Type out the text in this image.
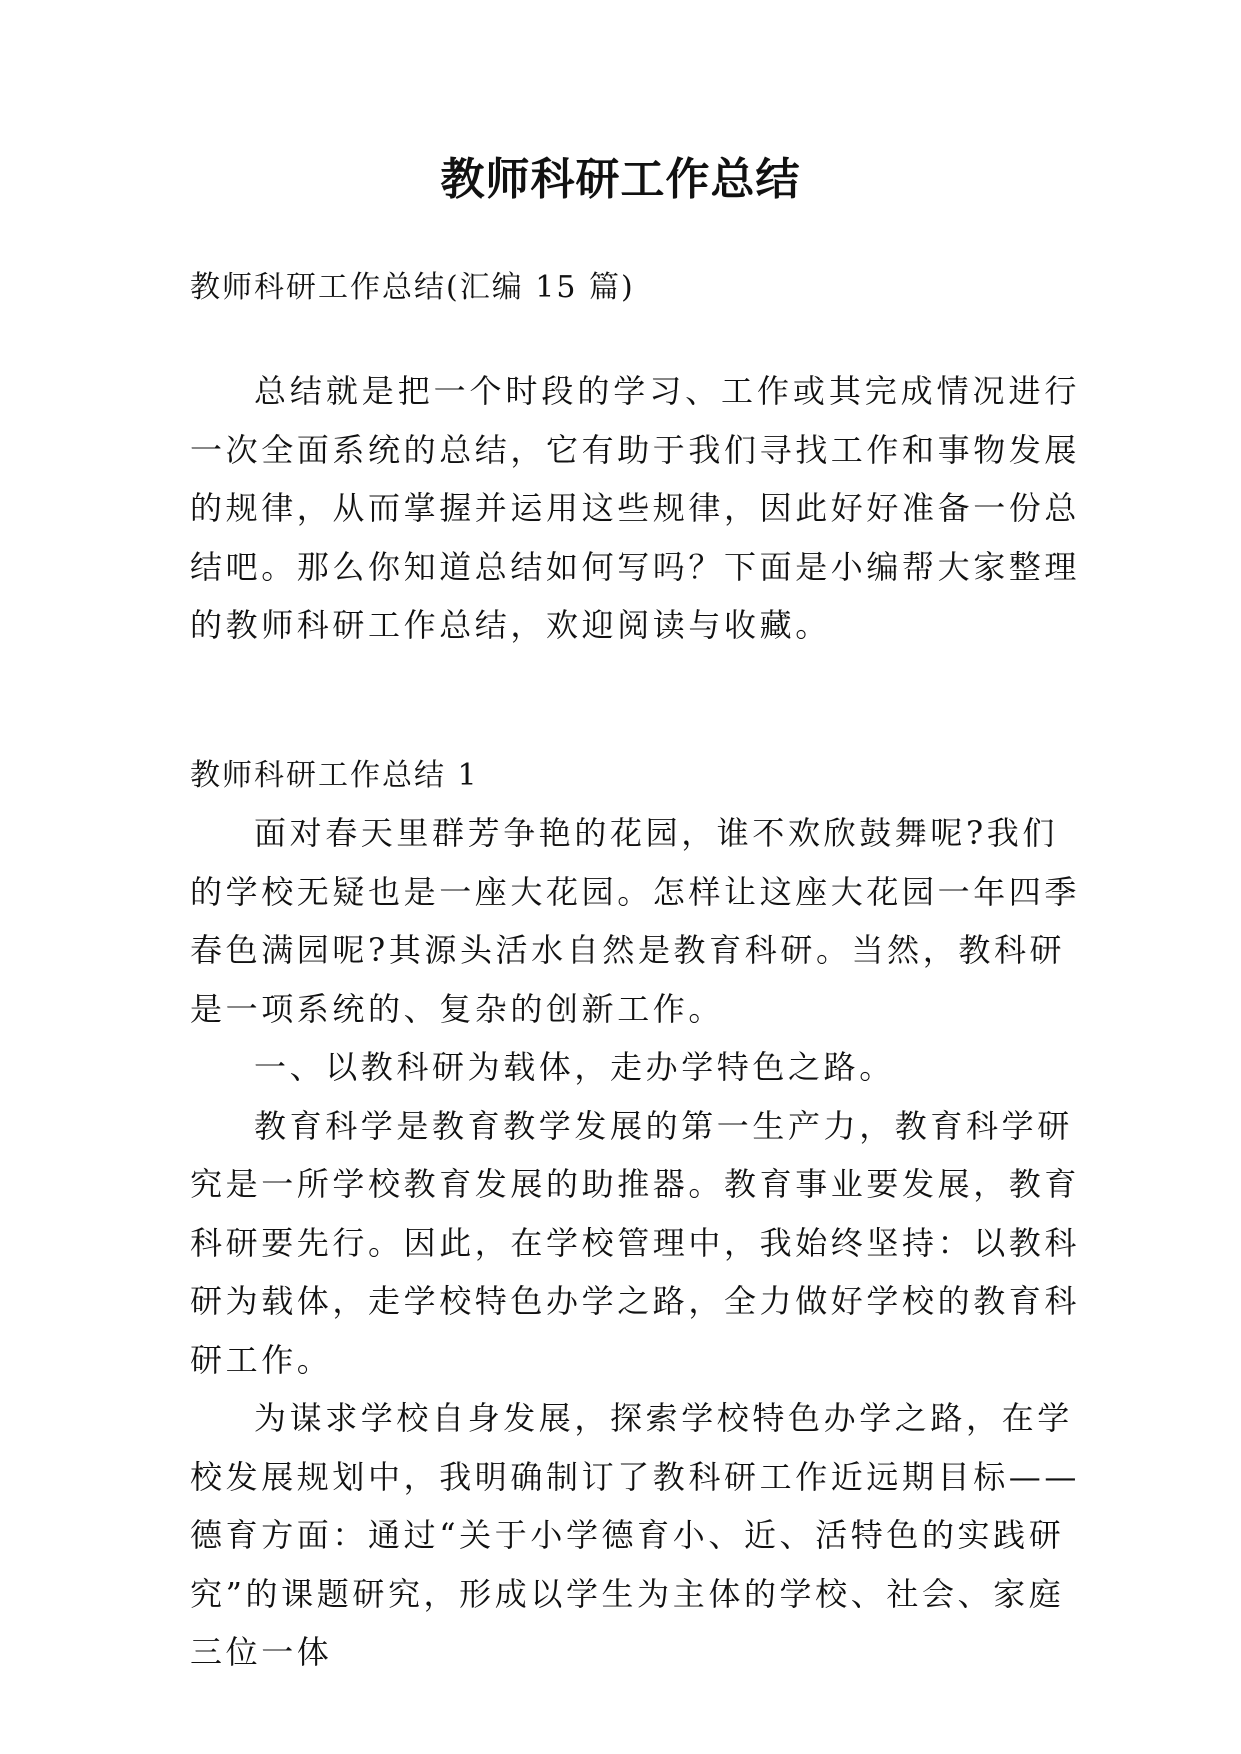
教师科研工作总结

教师科研工作总结(汇编 15 篇)

总结就是把一个时段的学习、工作或其完成情况进行一次全面系统的总结，它有助于我们寻找工作和事物发展的规律，从而掌握并运用这些规律，因此好好准备一份总结吧。那么你知道总结如何写吗？下面是小编帮大家整理的教师科研工作总结，欢迎阅读与收藏。

教师科研工作总结 1

面对春天里群芳争艳的花园，谁不欢欣鼓舞呢?我们的学校无疑也是一座大花园。怎样让这座大花园一年四季春色满园呢?其源头活水自然是教育科研。当然，教科研是一项系统的、复杂的创新工作。

一、以教科研为载体，走办学特色之路。

教育科学是教育教学发展的第一生产力，教育科学研究是一所学校教育发展的助推器。教育事业要发展，教育科研要先行。因此，在学校管理中，我始终坚持：以教科研为载体，走学校特色办学之路，全力做好学校的教育科研工作。

为谋求学校自身发展，探索学校特色办学之路，在学校发展规划中，我明确制订了教科研工作近远期目标——德育方面：通过“关于小学德育小、近、活特色的实践研究”的课题研究，形成以学生为主体的学校、社会、家庭三位一体
